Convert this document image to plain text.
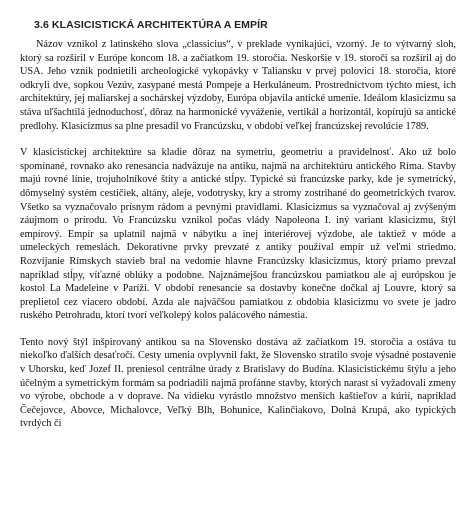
3.6 KLASICISTICKÁ ARCHITEKTÚRA A EMPÍR

Názov vznikol z latinského slova „classicius“, v preklade vynikajúci, vzorný. Je to výtvarný sloh, ktorý sa rozšíril v Európe koncom 18. a začiatkom 19. storočia. Neskoršie v 19. storočí sa rozšíril aj do USA. Jeho vznik podnietili archeologické vykopávky v Taliansku v prvej polovici 18. storočia, ktoré odkryli dve, sopkou Vezúv, zasypané mestá Pompeje a Herkuláneum. Prostredníctvom týchto miest, ich architektúry, jej maliarskej a sochárskej výzdoby, Európa objavila antické umenie. Ideálom klasicizmu sa stáva uľšachtilá jednoduchosť, dôraz na harmonické vyváženie, vertikál a horizontál, kopírujú sa antické predlohy. Klasicizmus sa plne presadil vo Francúzsku, v období veľkej francúzskej revolúcie 1789.

V klasicistickej architektúre sa kladie dôraz na symetriu, geometriu a pravidelnosť. Ako už bolo spomínané, rovnako ako renesancia nadväzuje na antiku, najmä na architektúru antického Ríma. Stavby majú rovné línie, trojuholníkové štíty a antické stĺpy. Typické sú francúzske parky, kde je symetrický, dômyselný systém cestičiek, altány, aleje, vodotrysky, kry a stromy zostrihané do geometrických tvarov. Všetko sa vyznačovalo prísnym rádom a pevnými pravidlami. Klasicizmus sa vyznačoval aj zvýšeným záujmom o prírodu. Vo Francúzsku vznikol počas vlády Napoleona I. iný variant klasicizmu, štýl empírový. Empír sa uplatnil najmä v nábytku a inej interiérovej výzdobe, ale taktiež v móde a umeleckých remeslách. Dekoratívne prvky prevzaté z antiky používal empír už veľmi striedmo. Rozvíjanie Rímskych stavieb bral na vedomie hlavne Francúzsky klasicizmus, ktorý priamo prevzal napríklad stĺpy, víťazné oblúky a podobne. Najznámejšou francúzskou pamiatkou ale aj európskou je kostol La Madeleine v Paríži. V období renesancie sa dostavby konečne dočkal aj Louvre, ktorý sa preplietol cez viacero období. Azda ale najväčšou pamiatkou z obdobia klasicizmu vo svete je jadro ruského Petrohradu, ktorí tvorí veľkolepý kolos palácového námestia.

Tento nový štýl inšpirovaný antikou sa na Slovensko dostáva až začiatkom 19. storočia a ostáva tu niekoľko ďalších desaťročí. Cesty umenia ovplyvnil fakt, že Slovensko stratilo svoje výsadné postavenie v Uhorsku, keď Jozef II. preniesol centrálne úrady z Bratislavy do Budína. Klasicistickému štýlu a jeho účelným a symetrickým formám sa podriadili najmä profánne stavby, ktorých narast si vyžadovali zmeny vo výrobe, obchode a v doprave. Na vidieku vyrástlo množstvo menších kaštieľov a kúrií, napríklad Čečejovce, Abovce, Michalovce, Veľký Blh, Bohunice, Kalinčiakovo, Dolná Krupá, ako typických tvrdých či
